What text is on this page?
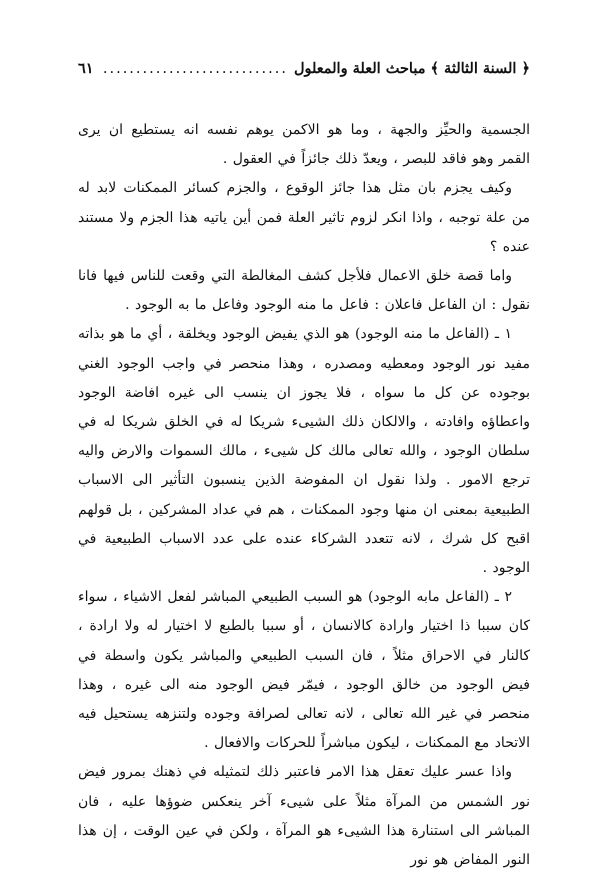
﴿ السنة الثالثة ﴾ مباحث العلة والمعلول
.....
٦١

الجسمية والحيِّز والجهة ، وما هو الاكمن يوهم نفسه انه يستطيع ان يرى القمر وهو فاقد للبصر ، ويعدّ ذلك جائزاً في العقول .

وكيف يجزم بان مثل هذا جائز الوقوع ، والجزم كسائر الممكنات لابد له من علة توجبه ، واذا انكر لزوم تاثير العلة فمن أين ياتيه هذا الجزم ولا مستند عنده ؟

واما قصة خلق الاعمال فلأجل كشف المغالطة التي وقعت للناس فيها فانا نقول : ان الفاعل فاعلان : فاعل ما منه الوجود وفاعل ما به الوجود .

١ ـ (الفاعل ما منه الوجود) هو الذي يفيض الوجود ويخلقة ، أي ما هو بذاته مفيد نور الوجود ومعطيه ومصدره ، وهذا منحصر في واجب الوجود الغني بوجوده عن كل ما سواه ، فلا يجوز ان ينسب الى غيره افاضة الوجود واعطاؤه وافادته ، والالكان ذلك الشيىء شريكا له في الخلق شريكا له في سلطان الوجود ، والله تعالى مالك كل شيىء ، مالك السموات والارض واليه ترجع الامور . ولذا نقول ان المفوضة الذين ينسبون التأثير الى الاسباب الطبيعية بمعنى ان منها وجود الممكنات ، هم في عداد المشركين ، بل قولهم اقبح كل شرك ، لانه تتعدد الشركاء عنده على عدد الاسباب الطبيعية في الوجود .

٢ ـ (الفاعل مابه الوجود) هو السبب الطبيعي المباشر لفعل الاشياء ، سواء كان سببا ذا اختيار وارادة كالانسان ، أو سببا بالطبع لا اختيار له ولا ارادة ، كالنار في الاحراق مثلاً ، فان السبب الطبيعي والمباشر يكون واسطة في فيض الوجود من خالق الوجود ، فيمّر فيض الوجود منه الى غيره ، وهذا منحصر في غير الله تعالى ، لانه تعالى لصرافة وجوده ولتنزهه يستحيل فيه الاتحاد مع الممكنات ، ليكون مباشراً للحركات والافعال .

واذا عسر عليك تعقل هذا الامر فاعتبر ذلك لتمثيله في ذهنك بمرور فيض نور الشمس من المرآة مثلاً على شيىء آخر ينعكس ضوؤها عليه ، فان المباشر الى استنارة هذا الشيىء هو المرآة ، ولكن في عين الوقت ، إن هذا النور المفاض هو نور
